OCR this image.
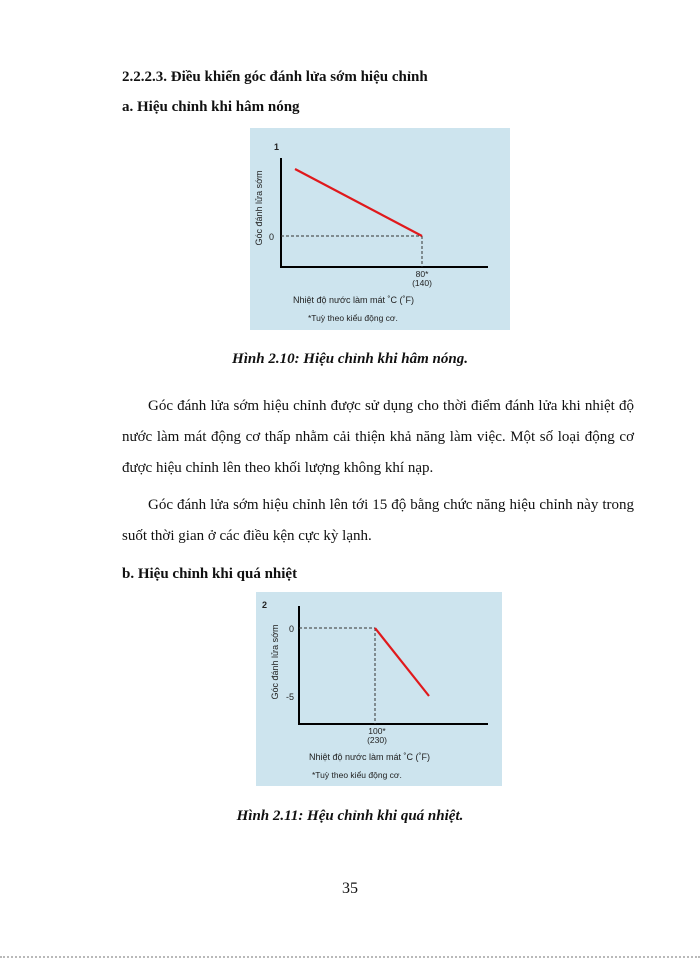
2.2.2.3. Điều khiển góc đánh lửa sớm hiệu chỉnh
a. Hiệu chỉnh khi hâm nóng
1
Góc đánh lửa sớm 0
80*
(140)
Nhiệt độ nước làm mát ˚C (˚F)
*Tuỳ theo kiểu động cơ.
Hình 2.10: Hiệu chỉnh khi hâm nóng.

Góc đánh lửa sớm hiệu chỉnh được sử dụng cho thời điểm đánh lửa khi nhiệt độ nước làm mát động cơ thấp nhằm cải thiện khả năng làm việc. Một số loại động cơ được hiệu chỉnh lên theo khối lượng không khí nạp.

Góc đánh lửa sớm hiệu chỉnh lên tới 15 độ bằng chức năng hiệu chỉnh này trong suốt thời gian ở các điều kện cực kỳ lạnh.

b. Hiệu chỉnh khi quá nhiệt
2
Góc đánh lửa sớm 0
-5
100*
(230)
Nhiệt độ nước làm mát ˚C (˚F)
*Tuỳ theo kiểu động cơ.
Hình 2.11: Hệu chỉnh khi quá nhiệt.
35
